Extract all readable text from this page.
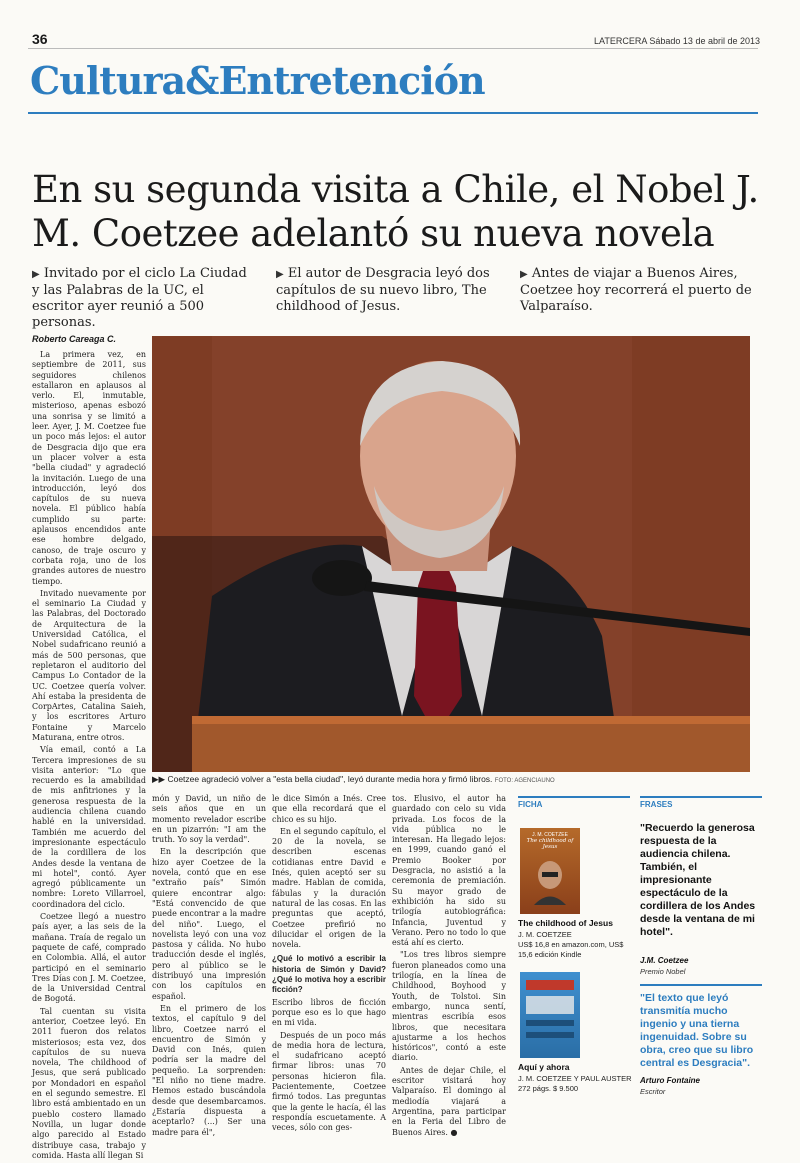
36	LATERCERA Sábado 13 de abril de 2013
Cultura&Entretención
En su segunda visita a Chile, el Nobel J. M. Coetzee adelantó su nueva novela
▶ Invitado por el ciclo La Ciudad y las Palabras de la UC, el escritor ayer reunió a 500 personas.
▶ El autor de Desgracia leyó dos capítulos de su nuevo libro, The childhood of Jesus.
▶ Antes de viajar a Buenos Aires, Coetzee hoy recorrerá el puerto de Valparaíso.
Roberto Careaga C.

La primera vez, en septiembre de 2011, sus seguidores chilenos estallaron en aplausos al verlo. El, inmutable, misterioso, apenas esbozó una sonrisa y se limitó a leer. Ayer, J. M. Coetzee fue un poco más lejos: el autor de Desgracia dijo que era un placer volver a esta "bella ciudad" y agradeció la invitación. Luego de una introducción, leyó dos capítulos de su nueva novela. El público había cumplido su parte: aplausos encendidos ante ese hombre delgado, canoso, de traje oscuro y corbata roja, uno de los grandes autores de nuestro tiempo.

Invitado nuevamente por el seminario La Ciudad y las Palabras, del Doctorado de Arquitectura de la Universidad Católica, el Nobel sudafricano reunió a más de 500 personas, que repletaron el auditorio del Campus Lo Contador de la UC. Coetzee quería volver. Ahí estaba la presidenta de CorpArtes, Catalina Saieh, y los escritores Arturo Fontaine y Marcelo Maturana, entre otros.

Vía email, contó a La Tercera impresiones de su visita anterior: "Lo que recuerdo es la amabilidad de mis anfitriones y la generosa respuesta de la audiencia chilena cuando hablé en la universidad. También me acuerdo del impresionante espectáculo de la cordillera de los Andes desde la ventana de mi hotel", contó. Ayer agregó públicamente un nombre: Loreto Villarroel, coordinadora del ciclo.

Coetzee llegó a nuestro país ayer, a las seis de la mañana. Traía de regalo un paquete de café, comprado en Colombia. Allá, el autor participó en el seminario Tres Días con J. M. Coetzee, de la Universidad Central de Bogotá.

Tal cuentan su visita anterior, Coetzee leyó. En 2011 fueron dos relatos misteriosos; esta vez, dos capítulos de su nueva novela, The childhood of Jesus, que será publicado por Mondadori en español en el segundo semestre. El libro está ambientado en un pueblo costero llamado Novilla, un lugar donde algo parecido al Estado distribuye casa, trabajo y comida. Hasta allí llegan Si

▶▶ Coetzee agradeció volver a "esta bella ciudad", leyó durante media hora y firmó libros. FOTO: AGENCIAUNO

món y David, un niño de seis años que en un momento revelador escribe en un pizarrón: "I am the truth. Yo soy la verdad".

En la descripción que hizo ayer Coetzee de la novela, contó que en ese "extraño país" Simón quiere encontrar algo: "Está convencido de que puede encontrar a la madre del niño". Luego, el novelista leyó con una voz pastosa y cálida. No hubo traducción desde el inglés, pero al público se le distribuyó una impresión con los capítulos en español.

En el primero de los textos, el capítulo 9 del libro, Coetzee narró el encuentro de Simón y David con Inés, quien podría ser la madre del pequeño. La sorprenden: "El niño no tiene madre. Hemos estado buscándola desde que desembarcamos. ¿Estaría dispuesta a aceptarlo? (...) Ser una madre para él",

le dice Simón a Inés. Cree que ella recordará que el chico es su hijo.

En el segundo capítulo, el 20 de la novela, se describen escenas cotidianas entre David e Inés, quien aceptó ser su madre. Hablan de comida, fábulas y la duración natural de las cosas. En las preguntas que aceptó, Coetzee prefirió no dilucidar el origen de la novela.

¿Qué lo motivó a escribir la historia de Simón y David? ¿Qué lo motiva hoy a escribir ficción?

Escribo libros de ficción porque eso es lo que hago en mi vida.

Después de un poco más de media hora de lectura, el sudafricano aceptó firmar libros: unas 70 personas hicieron fila. Pacientemente, Coetzee firmó todos. Las preguntas que la gente le hacía, él las respondía escuetamente. A veces, sólo con ges-

tos. Elusivo, el autor ha guardado con celo su vida privada. Los focos de la vida pública no le interesan. Ha llegado lejos: en 1999, cuando ganó el Premio Booker por Desgracia, no asistió a la ceremonia de premiación. Su mayor grado de exhibición ha sido su trilogía autobiográfica: Infancia, Juventud y Verano. Pero no todo lo que está ahí es cierto.

"Los tres libros siempre fueron planeados como una trilogía, en la línea de Childhood, Boyhood y Youth, de Tolstoi. Sin embargo, nunca sentí, mientras escribía esos libros, que necesitara ajustarme a los hechos históricos", contó a este diario.

Antes de dejar Chile, el escritor visitará hoy Valparaíso. El domingo al mediodía viajará a Argentina, para participar en la Feria del Libro de Buenos Aires. ●

FICHA
J. M. COETZEE
The childhood of Jesus
The childhood of Jesus
J. M. COETZEE
US$ 16,8 en amazon.com, US$ 15,6 edición Kindle
Aquí y ahora
J. M. COETZEE Y PAUL AUSTER
272 págs. $ 9.500
FRASES
"Recuerdo la generosa respuesta de la audiencia chilena. También, el impresionante espectáculo de la cordillera de los Andes desde la ventana de mi hotel".
J.M. Coetzee
Premio Nobel
"El texto que leyó transmitía mucho ingenio y una tierna ingenuidad. Sobre su obra, creo que su libro central es Desgracia".
Arturo Fontaine
Escritor
